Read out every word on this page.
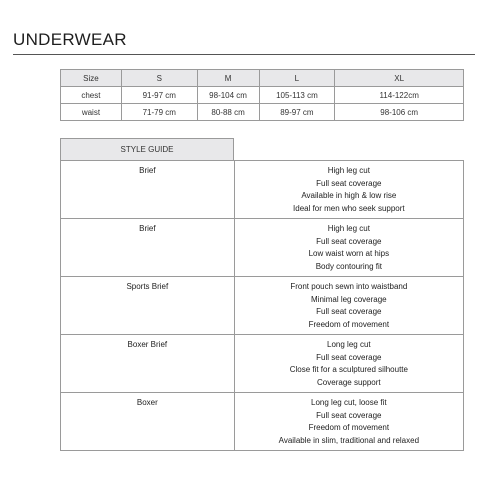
UNDERWEAR
Size	S	M	L	XL
chest	91-97 cm	98-104 cm	105-113 cm	114-122cm
waist	71-79 cm	80-88 cm	89-97 cm	98-106 cm
STYLE GUIDE
Brief	High leg cut
Full seat coverage
Available in high & low rise
Ideal for men who seek support

Brief	High leg cut
Full seat coverage
Low waist worn at hips
Body contouring fit

Sports Brief	Front pouch sewn into waistband
Minimal leg coverage
Full seat coverage
Freedom of movement

Boxer Brief	Long leg cut
Full seat coverage
Close fit for a sculptured silhoutte
Coverage support

Boxer	Long leg cut, loose fit
Full seat coverage
Freedom of movement
Available in slim, traditional and relaxed
